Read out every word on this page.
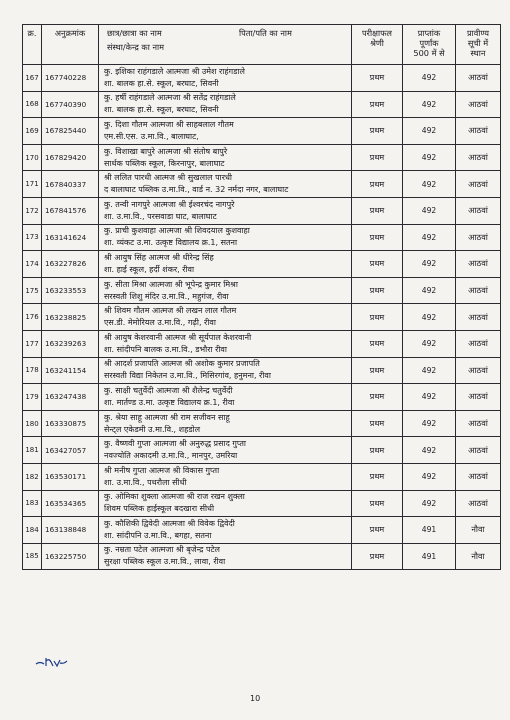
क्र.	अनुक्रमांक	छात्र/छात्रा का नाम पिता/पति का नाम
संस्था/केन्द्र का नाम	परीक्षाफल
श्रेणी	प्राप्तांक
पूर्णांक
500 में से	प्रावीण्य
सूची में
स्थान

167	167740228	कु. इशिका राहंगडाले आत्मजा श्री उमेश राहंगडाले
शा. बालक हा.से. स्कूल, बरघाट, सिवनी	प्रथम	492	आठवां
168	167740390	कु. हर्षी राहंगडाले आत्मजा श्री सतेंद्र राहंगडाले
शा. बालक हा.से. स्कूल, बरघाट, सिवनी	प्रथम	492	आठवां
169	167825440	कु. दिशा गौतम आत्मजा श्री साहबलाल गौतम
एम.सी.एस. उ.मा.वि., बालाघाट,	प्रथम	492	आठवां
170	167829420	कु. विशाखा बापुरे आत्मजा श्री संतोष बापुरे
सार्थक पब्लिक स्कूल, किरनापुर, बालाघाट	प्रथम	492	आठवां
171	167840337	श्री ललित पारधी आत्मज श्री सुखलाल पारधी
द बालाघाट पब्लिक उ.मा.वि., वार्ड न. 32 नर्मदा नगर, बालाघाट	प्रथम	492	आठवां
172	167841576	कु. तन्वी नागपुरे आत्मजा श्री ईश्वरचंद नागपुरे
शा. उ.मा.वि., परसवाडा घाट, बालाघाट	प्रथम	492	आठवां
173	163141624	कु. प्राची कुशवाहा आत्मजा श्री शिवदयाल कुशवाहा
शा. व्यंकट उ.मा. उत्कृष्ट विद्यालय क्र.1, सतना	प्रथम	492	आठवां
174	163227826	श्री आयुष सिंह आत्मज श्री धीरेन्द्र सिंह
शा. हाई स्कूल, हर्दी शंकर, रीवा	प्रथम	492	आठवां
175	163233553	कु. सीता मिश्रा आत्मजा श्री भूपेन्द्र कुमार मिश्रा
सरस्वती शिशु मंदिर उ.मा.वि., महुगंज, रीवा	प्रथम	492	आठवां
176	163238825	श्री शिवम गौतम आत्मज श्री लखन लाल गौतम
एस.डी. मेमोरियल उ.मा.वि., गढ़ी, रीवा	प्रथम	492	आठवां
177	163239263	श्री आयुष केशरवानी आत्मज श्री सूर्यपाल केशरवानी
शा. सांदीपनि बालक उ.मा.वि., डभौरा रीवा	प्रथम	492	आठवां
178	163241154	श्री आदर्श प्रजापति आत्मज श्री अशोक कुमार प्रजापति
सरस्वती विद्या निकेतन उ.मा.वि., मिसिरगांव, हनुमना, रीवा	प्रथम	492	आठवां
179	163247438	कु. साक्षी चतुर्वेदी आत्मजा श्री शैलेन्द्र चतुर्वेदी
शा. मार्तण्ड उ.मा. उत्कृष्ट विद्यालय क्र.1, रीवा	प्रथम	492	आठवां
180	163330875	कु. श्रेया साहू आत्मजा श्री राम सजीवन साहू
सेन्ट्ल एकेडमी उ.मा.वि., शहडोल	प्रथम	492	आठवां
181	163427057	कु. वैष्णवी गुप्ता आत्मजा श्री अनुरुद्ध प्रसाद गुप्ता
नवज्योति अकादमी उ.मा.वि., मानपुर, उमरिया	प्रथम	492	आठवां
182	163530171	श्री मनीष गुप्ता आत्मज श्री विकास गुप्ता
शा. उ.मा.वि., पथरौला सीधी	प्रथम	492	आठवां
183	163534365	कु. ओमिका शुक्ला आत्मजा श्री राज रखन शुक्ला
शिवम पब्लिक हाईस्कूल बदखारा सीधी	प्रथम	492	आठवां
184	163138848	कु. कौशिकी द्विवेदी आत्मजा श्री विवेक द्विवेदी
शा. सांदीपनि उ.मा.वि., बगहा, सतना	प्रथम	491	नौवा
185	163225750	कु. नम्रता पटेल आत्मजा श्री बृजेन्द्र पटेल
सुरक्षा पब्लिक स्कूल उ.मा.वि., लावा, रीवा	प्रथम	491	नौवा
10
